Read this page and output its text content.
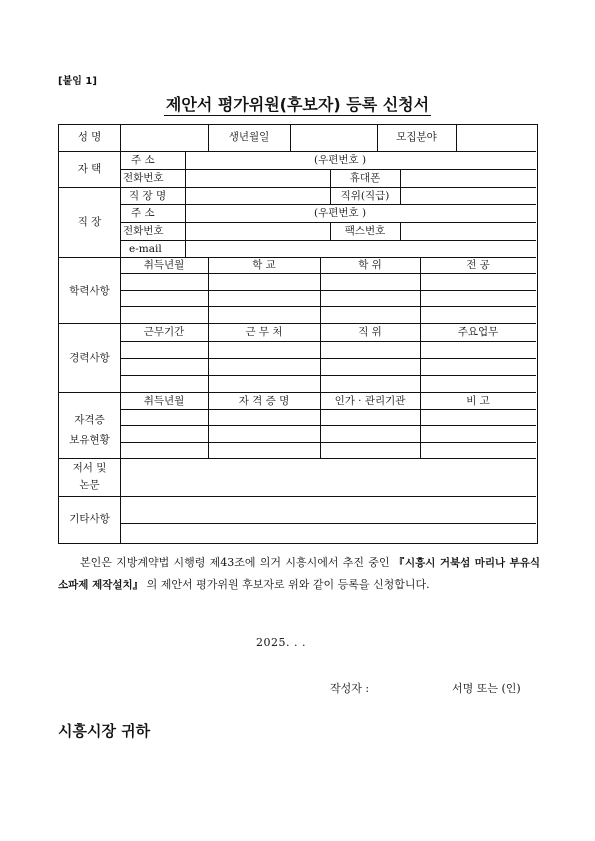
[붙임 1]
제안서 평가위원(후보자) 등록 신청서
성 명	생년월일	모집분야
자 택
주 소	(우편번호 )
전화번호	휴대폰
직 장
직 장 명	직위(직급)
주 소	(우편번호 )
전화번호	팩스번호
e-mail
학력사항
취득년월	학 교	학 위	전 공
경력사항
근무기간	근 무 처	직 위	주요업무
자격증
보유현황
취득년월	자 격 증 명	인가 · 관리기관	비 고
저서 및
논문
기타사항
본인은 지방계약법 시행령 제43조에 의거 시흥시에서 추진 중인 『시흥시 거북섬 마리나 부유식 소파제 제작설치』 의 제안서 평가위원 후보자로 위와 같이 등록을 신청합니다.
2025. . .
작성자 :	서명 또는 (인)
시흥시장 귀하
